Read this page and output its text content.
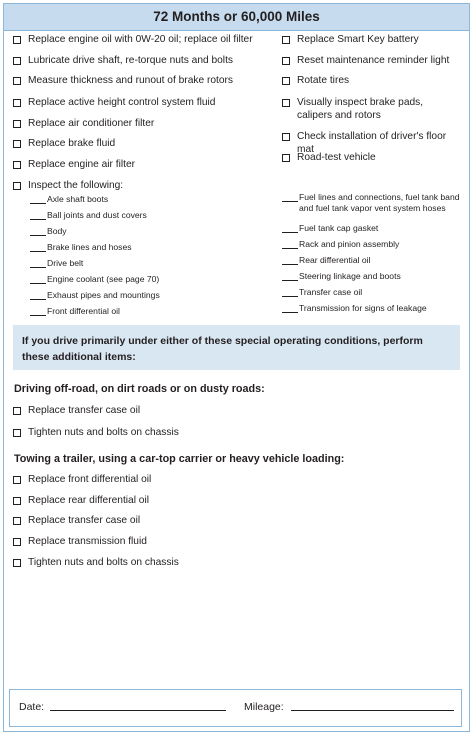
72 Months or 60,000 Miles
Replace engine oil with 0W-20 oil; replace oil filter
Lubricate drive shaft, re-torque nuts and bolts
Measure thickness and runout of brake rotors
Replace active height control system fluid
Replace air conditioner filter
Replace brake fluid
Replace engine air filter
Inspect the following:
Axle shaft boots
Ball joints and dust covers
Body
Brake lines and hoses
Drive belt
Engine coolant (see page 70)
Exhaust pipes and mountings
Front differential oil
Replace Smart Key battery
Reset maintenance reminder light
Rotate tires
Visually inspect brake pads, calipers and rotors
Check installation of driver's floor mat
Road-test vehicle
Fuel lines and connections, fuel tank band and fuel tank vapor vent system hoses
Fuel tank cap gasket
Rack and pinion assembly
Rear differential oil
Steering linkage and boots
Transfer case oil
Transmission for signs of leakage
If you drive primarily under either of these special operating conditions, perform these additional items:
Driving off-road, on dirt roads or on dusty roads:
Replace transfer case oil
Tighten nuts and bolts on chassis
Towing a trailer, using a car-top carrier or heavy vehicle loading:
Replace front differential oil
Replace rear differential oil
Replace transfer case oil
Replace transmission fluid
Tighten nuts and bolts on chassis
Date:	Mileage:
